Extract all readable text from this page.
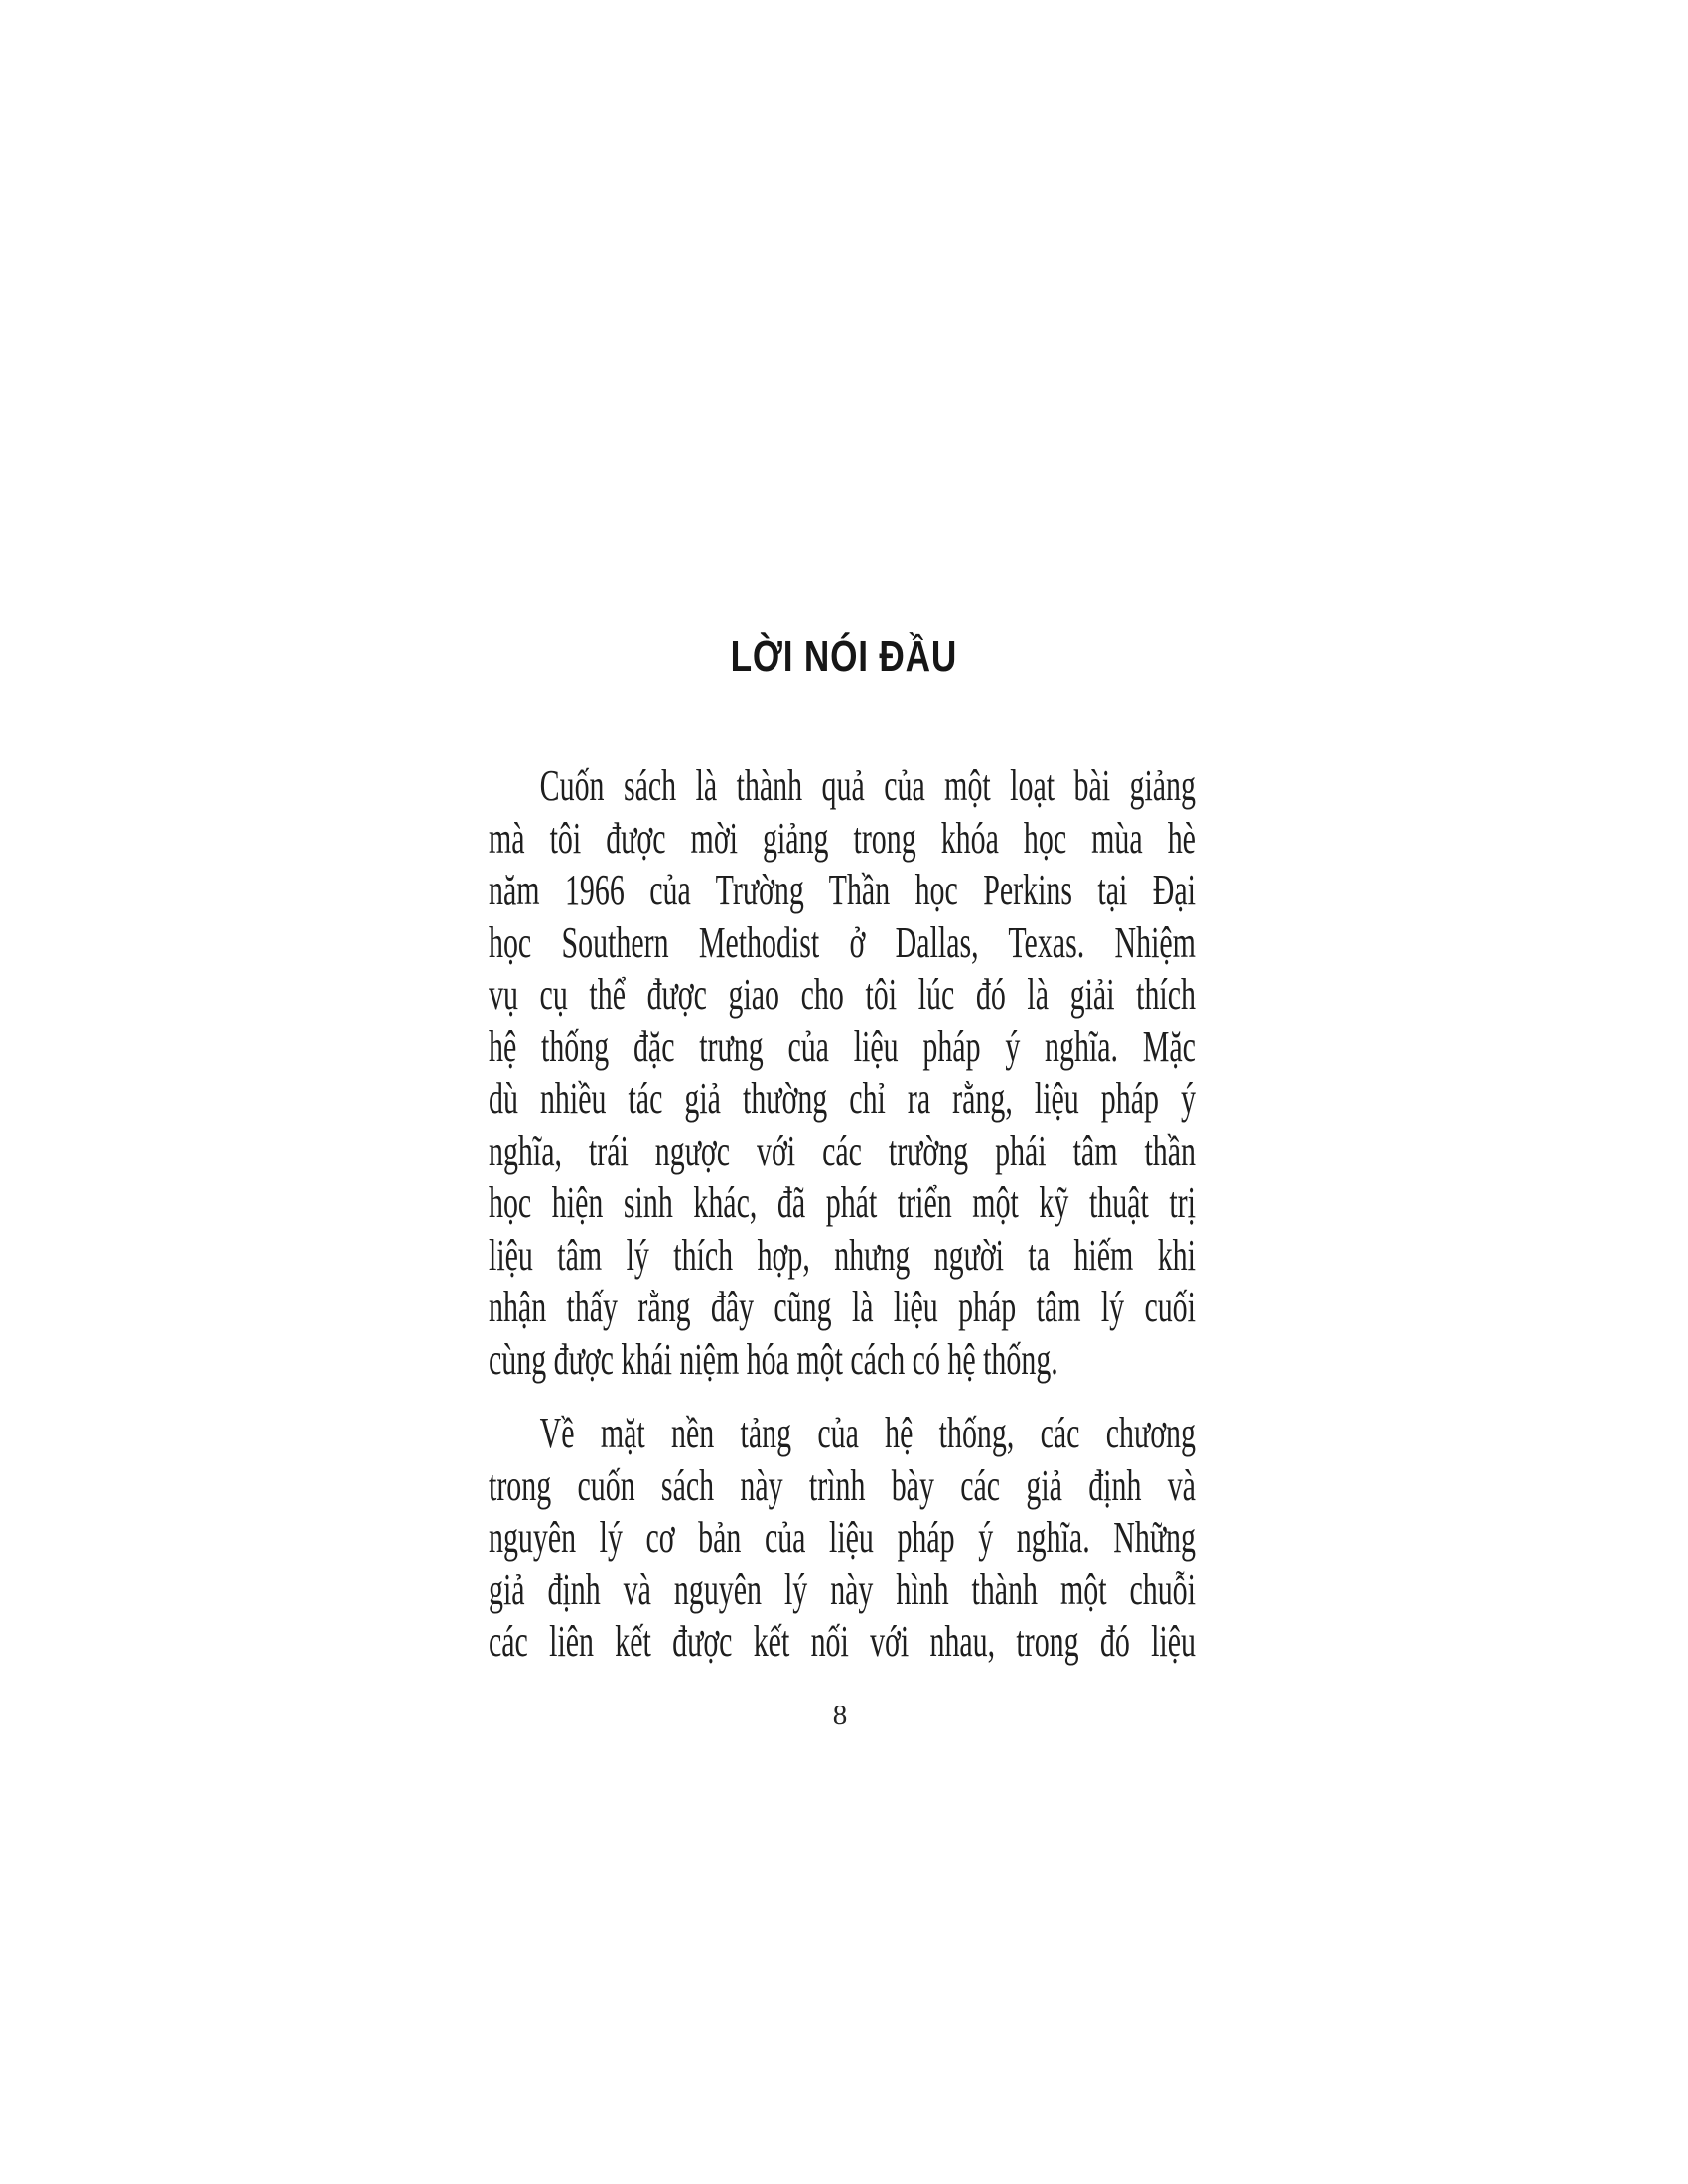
LỜI NÓI ĐẦU
Cuốn sách là thành quả của một loạt bài giảng
mà tôi được mời giảng trong khóa học mùa hè
năm 1966 của Trường Thần học Perkins tại Đại
học Southern Methodist ở Dallas, Texas. Nhiệm
vụ cụ thể được giao cho tôi lúc đó là giải thích
hệ thống đặc trưng của liệu pháp ý nghĩa. Mặc
dù nhiều tác giả thường chỉ ra rằng, liệu pháp ý
nghĩa, trái ngược với các trường phái tâm thần
học hiện sinh khác, đã phát triển một kỹ thuật trị
liệu tâm lý thích hợp, nhưng người ta hiếm khi
nhận thấy rằng đây cũng là liệu pháp tâm lý cuối
cùng được khái niệm hóa một cách có hệ thống.
Về mặt nền tảng của hệ thống, các chương
trong cuốn sách này trình bày các giả định và
nguyên lý cơ bản của liệu pháp ý nghĩa. Những
giả định và nguyên lý này hình thành một chuỗi
các liên kết được kết nối với nhau, trong đó liệu
8
